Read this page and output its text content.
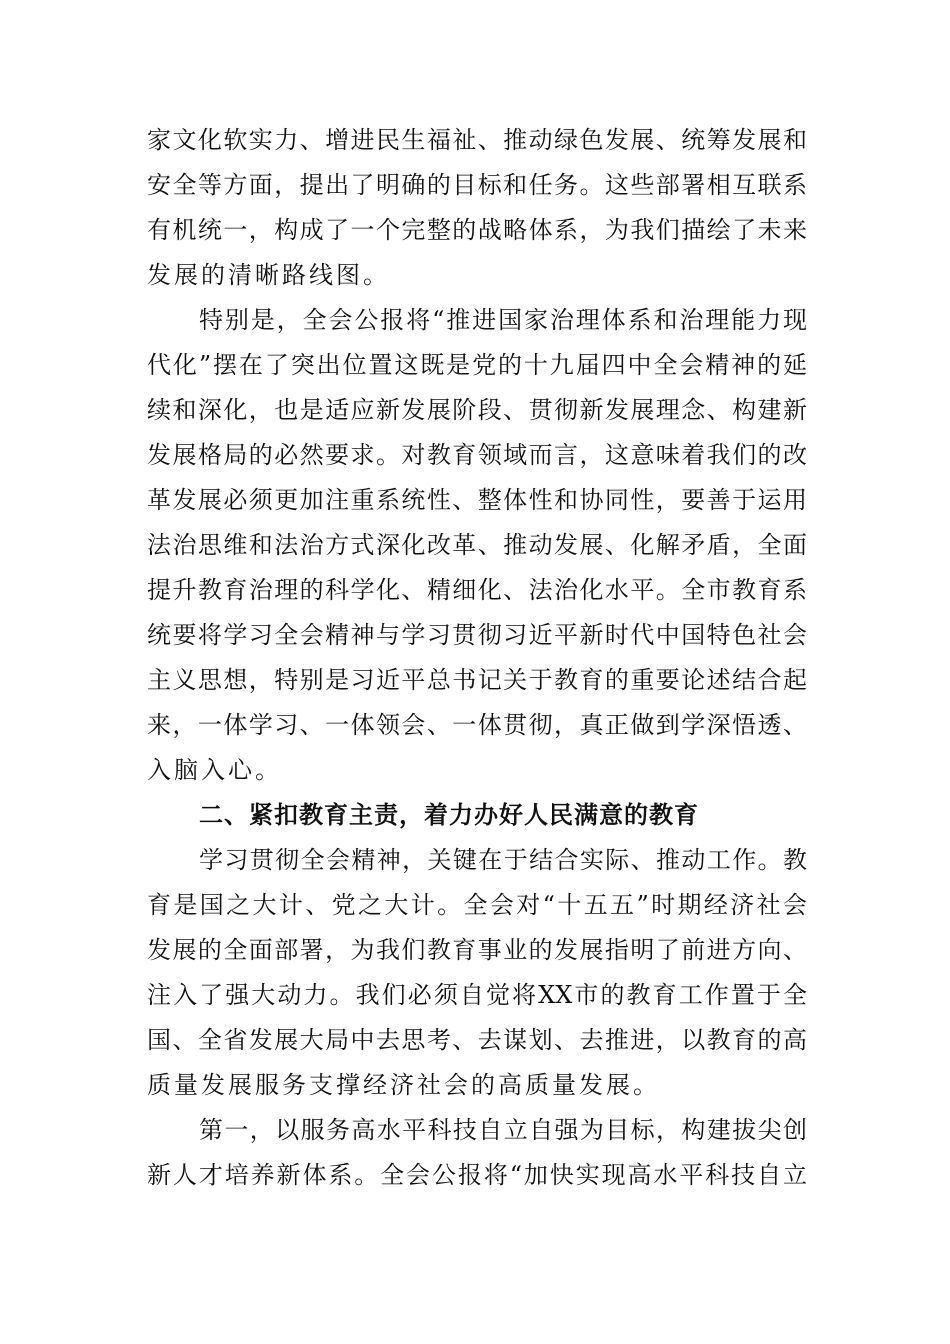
家文化软实力、增进民生福祉、推动绿色发展、统筹发展和
安全等方面，提出了明确的目标和任务。这些部署相互联系
有机统一，构成了一个完整的战略体系，为我们描绘了未来
发展的清晰路线图。
特别是，全会公报将“推进国家治理体系和治理能力现
代化”摆在了突出位置这既是党的十九届四中全会精神的延
续和深化，也是适应新发展阶段、贯彻新发展理念、构建新
发展格局的必然要求。对教育领域而言，这意味着我们的改
革发展必须更加注重系统性、整体性和协同性，要善于运用
法治思维和法治方式深化改革、推动发展、化解矛盾，全面
提升教育治理的科学化、精细化、法治化水平。全市教育系
统要将学习全会精神与学习贯彻习近平新时代中国特色社会
主义思想，特别是习近平总书记关于教育的重要论述结合起
来，一体学习、一体领会、一体贯彻，真正做到学深悟透、
入脑入心。
二、紧扣教育主责，着力办好人民满意的教育
学习贯彻全会精神，关键在于结合实际、推动工作。教
育是国之大计、党之大计。全会对“十五五”时期经济社会
发展的全面部署，为我们教育事业的发展指明了前进方向、
注入了强大动力。我们必须自觉将XX市的教育工作置于全
国、全省发展大局中去思考、去谋划、去推进，以教育的高
质量发展服务支撑经济社会的高质量发展。
第一，以服务高水平科技自立自强为目标，构建拔尖创
新人才培养新体系。全会公报将“加快实现高水平科技自立
